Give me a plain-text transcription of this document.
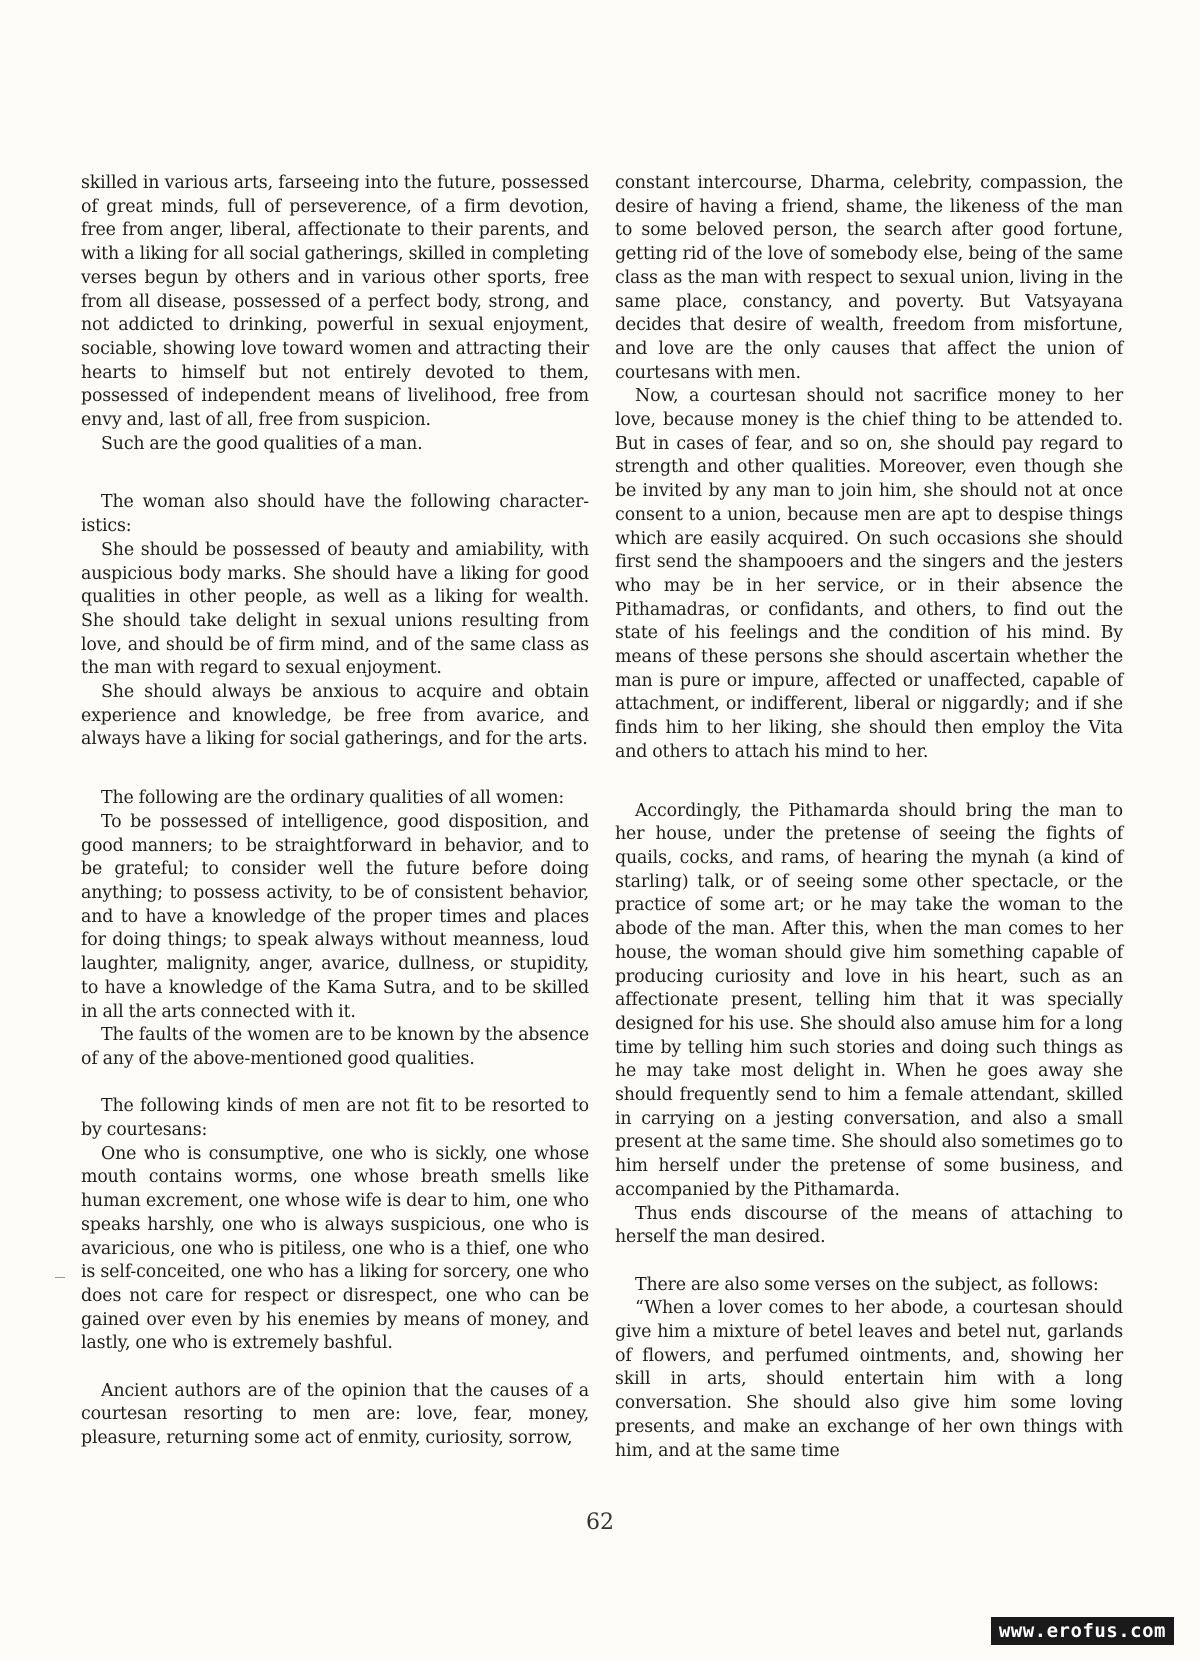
skilled in various arts, farseeing into the future, possessed of great minds, full of perseverence, of a firm devotion, free from anger, liberal, affectionate to their parents, and with a liking for all social gatherings, skilled in completing verses begun by others and in various other sports, free from all disease, possessed of a perfect body, strong, and not addicted to drinking, powerful in sexual enjoyment, sociable, showing love toward women and attracting their hearts to himself but not entirely devoted to them, possessed of independent means of livelihood, free from envy and, last of all, free from suspicion.

Such are the good qualities of a man.

The woman also should have the following character-istics:

She should be possessed of beauty and amiability, with auspicious body marks. She should have a liking for good qualities in other people, as well as a liking for wealth. She should take delight in sexual unions resulting from love, and should be of firm mind, and of the same class as the man with regard to sexual enjoyment.

She should always be anxious to acquire and obtain experience and knowledge, be free from avarice, and always have a liking for social gatherings, and for the arts.

The following are the ordinary qualities of all women:

To be possessed of intelligence, good disposition, and good manners; to be straightforward in behavior, and to be grateful; to consider well the future before doing anything; to possess activity, to be of consistent behavior, and to have a knowledge of the proper times and places for doing things; to speak always without meanness, loud laughter, malignity, anger, avarice, dullness, or stupidity, to have a knowledge of the Kama Sutra, and to be skilled in all the arts connected with it.

The faults of the women are to be known by the absence of any of the above-mentioned good qualities.

The following kinds of men are not fit to be resorted to by courtesans:

One who is consumptive, one who is sickly, one whose mouth contains worms, one whose breath smells like human excrement, one whose wife is dear to him, one who speaks harshly, one who is always suspicious, one who is avaricious, one who is pitiless, one who is a thief, one who is self-conceited, one who has a liking for sorcery, one who does not care for respect or disrespect, one who can be gained over even by his enemies by means of money, and lastly, one who is extremely bashful.

Ancient authors are of the opinion that the causes of a courtesan resorting to men are: love, fear, money, pleasure, returning some act of enmity, curiosity, sorrow,

constant intercourse, Dharma, celebrity, compassion, the desire of having a friend, shame, the likeness of the man to some beloved person, the search after good fortune, getting rid of the love of somebody else, being of the same class as the man with respect to sexual union, living in the same place, constancy, and poverty. But Vatsyayana decides that desire of wealth, freedom from misfortune, and love are the only causes that affect the union of courtesans with men.

Now, a courtesan should not sacrifice money to her love, because money is the chief thing to be attended to. But in cases of fear, and so on, she should pay regard to strength and other qualities. Moreover, even though she be invited by any man to join him, she should not at once consent to a union, because men are apt to despise things which are easily acquired. On such occasions she should first send the shampooers and the singers and the jesters who may be in her service, or in their absence the Pithamadras, or confidants, and others, to find out the state of his feelings and the condition of his mind. By means of these persons she should ascertain whether the man is pure or impure, affected or unaffected, capable of attachment, or indifferent, liberal or niggardly; and if she finds him to her liking, she should then employ the Vita and others to attach his mind to her.

Accordingly, the Pithamarda should bring the man to her house, under the pretense of seeing the fights of quails, cocks, and rams, of hearing the mynah (a kind of starling) talk, or of seeing some other spectacle, or the practice of some art; or he may take the woman to the abode of the man. After this, when the man comes to her house, the woman should give him something capable of producing curiosity and love in his heart, such as an affectionate present, telling him that it was specially designed for his use. She should also amuse him for a long time by telling him such stories and doing such things as he may take most delight in. When he goes away she should frequently send to him a female attendant, skilled in carrying on a jesting conversation, and also a small present at the same time. She should also sometimes go to him herself under the pretense of some business, and accompanied by the Pithamarda.

Thus ends discourse of the means of attaching to herself the man desired.

There are also some verses on the subject, as follows:

“When a lover comes to her abode, a courtesan should give him a mixture of betel leaves and betel nut, garlands of flowers, and perfumed ointments, and, showing her skill in arts, should entertain him with a long conversation. She should also give him some loving presents, and make an exchange of her own things with him, and at the same time

62
www.erofus.com
